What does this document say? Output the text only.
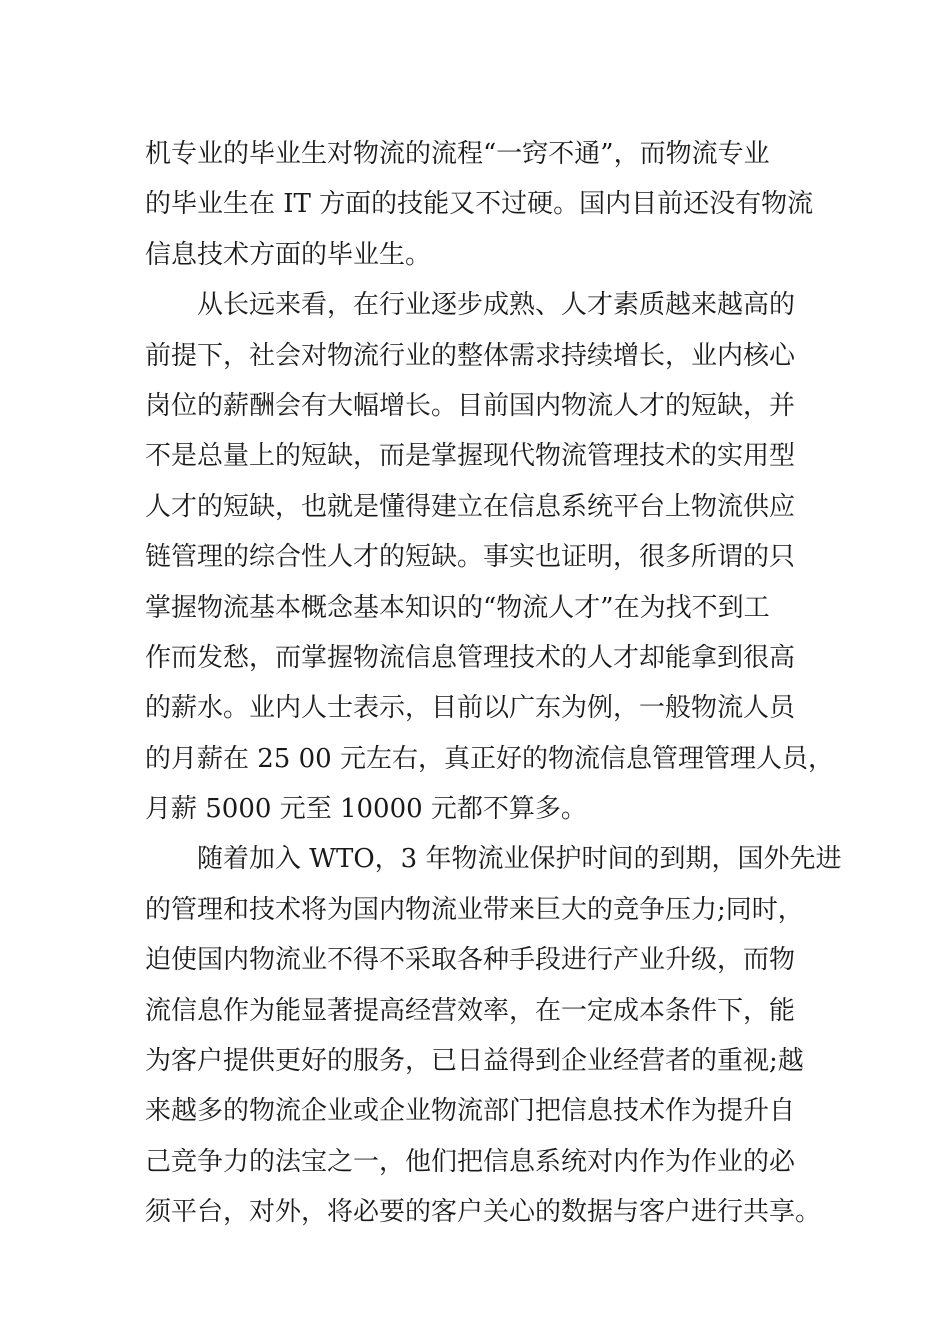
机专业的毕业生对物流的流程“一窍不通”，而物流专业
的毕业生在 IT 方面的技能又不过硬。国内目前还没有物流
信息技术方面的毕业生。
从长远来看，在行业逐步成熟、人才素质越来越高的
前提下，社会对物流行业的整体需求持续增长，业内核心
岗位的薪酬会有大幅增长。目前国内物流人才的短缺，并
不是总量上的短缺，而是掌握现代物流管理技术的实用型
人才的短缺，也就是懂得建立在信息系统平台上物流供应
链管理的综合性人才的短缺。事实也证明，很多所谓的只
掌握物流基本概念基本知识的“物流人才”在为找不到工
作而发愁，而掌握物流信息管理技术的人才却能拿到很高
的薪水。业内人士表示，目前以广东为例，一般物流人员
的月薪在 25 00 元左右，真正好的物流信息管理管理人员，
月薪 5000 元至 10000 元都不算多。
随着加入 WTO，3 年物流业保护时间的到期，国外先进
的管理和技术将为国内物流业带来巨大的竞争压力;同时，
迫使国内物流业不得不采取各种手段进行产业升级，而物
流信息作为能显著提高经营效率，在一定成本条件下，能
为客户提供更好的服务，已日益得到企业经营者的重视;越
来越多的物流企业或企业物流部门把信息技术作为提升自
己竞争力的法宝之一，他们把信息系统对内作为作业的必
须平台，对外，将必要的客户关心的数据与客户进行共享。
